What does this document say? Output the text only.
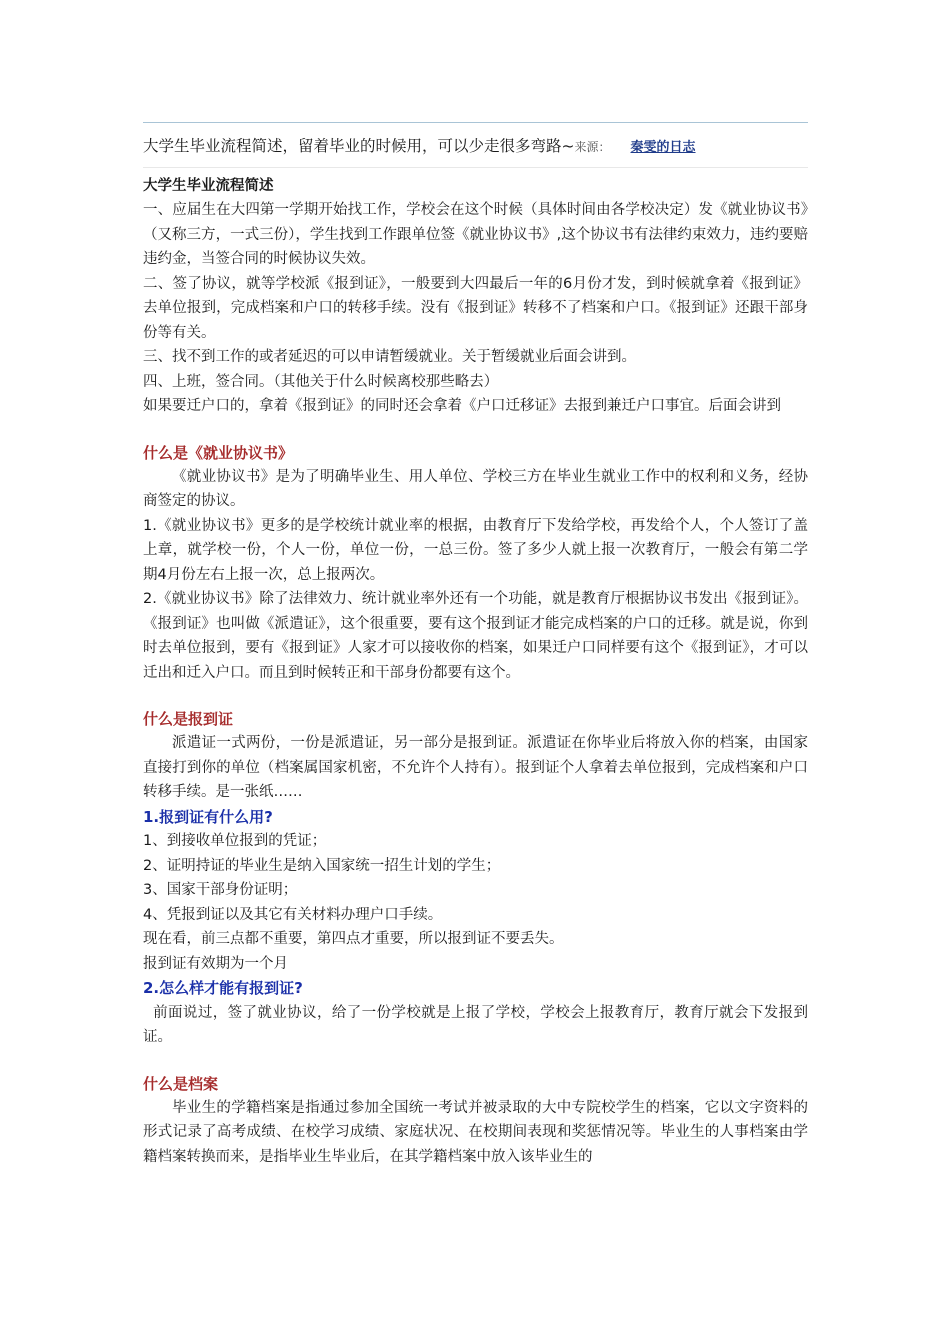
大学生毕业流程简述，留着毕业的时候用，可以少走很多弯路~来源： 秦雯的日志

大学生毕业流程简述

一、应届生在大四第一学期开始找工作，学校会在这个时候（具体时间由各学校决定）发《就业协议书》（又称三方，一式三份），学生找到工作跟单位签《就业协议书》,这个协议书有法律约束效力，违约要赔违约金，当签合同的时候协议失效。

二、签了协议，就等学校派《报到证》，一般要到大四最后一年的6月份才发，到时候就拿着《报到证》去单位报到，完成档案和户口的转移手续。没有《报到证》转移不了档案和户口。《报到证》还跟干部身份等有关。

三、找不到工作的或者延迟的可以申请暂缓就业。关于暂缓就业后面会讲到。

四、上班，签合同。（其他关于什么时候离校那些略去）

如果要迁户口的，拿着《报到证》的同时还会拿着《户口迁移证》去报到兼迁户口事宜。后面会讲到

什么是《就业协议书》

《就业协议书》是为了明确毕业生、用人单位、学校三方在毕业生就业工作中的权利和义务，经协商签定的协议。

1.《就业协议书》更多的是学校统计就业率的根据，由教育厅下发给学校，再发给个人，个人签订了盖上章，就学校一份，个人一份，单位一份，一总三份。签了多少人就上报一次教育厅，一般会有第二学期4月份左右上报一次，总上报两次。

2.《就业协议书》除了法律效力、统计就业率外还有一个功能，就是教育厅根据协议书发出《报到证》。《报到证》也叫做《派遣证》，这个很重要，要有这个报到证才能完成档案的户口的迁移。就是说，你到时去单位报到，要有《报到证》人家才可以接收你的档案，如果迁户口同样要有这个《报到证》，才可以迁出和迁入户口。而且到时候转正和干部身份都要有这个。

什么是报到证

派遣证一式两份，一份是派遣证，另一部分是报到证。派遣证在你毕业后将放入你的档案，由国家直接打到你的单位（档案属国家机密，不允许个人持有）。报到证个人拿着去单位报到，完成档案和户口转移手续。是一张纸……

1.报到证有什么用?

1、到接收单位报到的凭证；

2、证明持证的毕业生是纳入国家统一招生计划的学生；

3、国家干部身份证明；

4、凭报到证以及其它有关材料办理户口手续。

现在看，前三点都不重要，第四点才重要，所以报到证不要丢失。

报到证有效期为一个月

2.怎么样才能有报到证?

前面说过，签了就业协议，给了一份学校就是上报了学校，学校会上报教育厅，教育厅就会下发报到证。

什么是档案

毕业生的学籍档案是指通过参加全国统一考试并被录取的大中专院校学生的档案，它以文字资料的形式记录了高考成绩、在校学习成绩、家庭状况、在校期间表现和奖惩情况等。毕业生的人事档案由学籍档案转换而来，是指毕业生毕业后，在其学籍档案中放入该毕业生的
